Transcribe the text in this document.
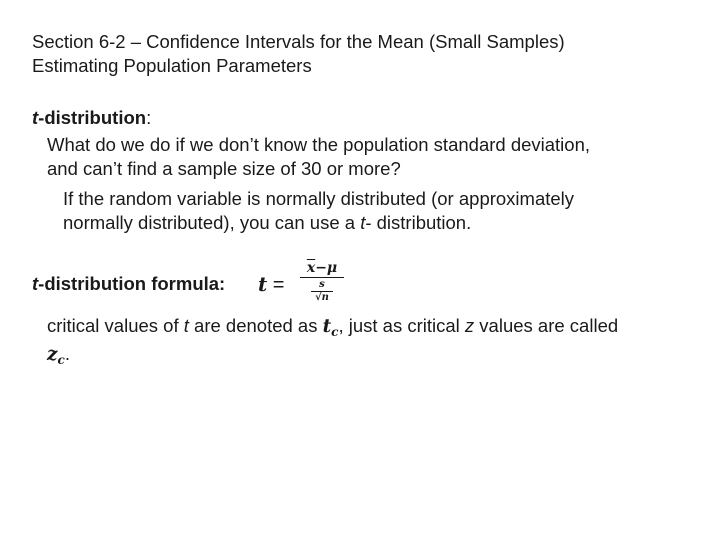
Section 6-2 – Confidence Intervals for the Mean (Small Samples)
Estimating Population Parameters
t-distribution:
What do we do if we don’t know the population standard deviation,
and can’t find a sample size of 30 or more?
If the random variable is normally distributed (or approximately
normally distributed), you can use a t- distribution.
t-distribution formula: t =
$\overline{x}-\mu$
s
√n
critical values of t are denoted as $t_c$, just as critical z values are called
$z_c$.
